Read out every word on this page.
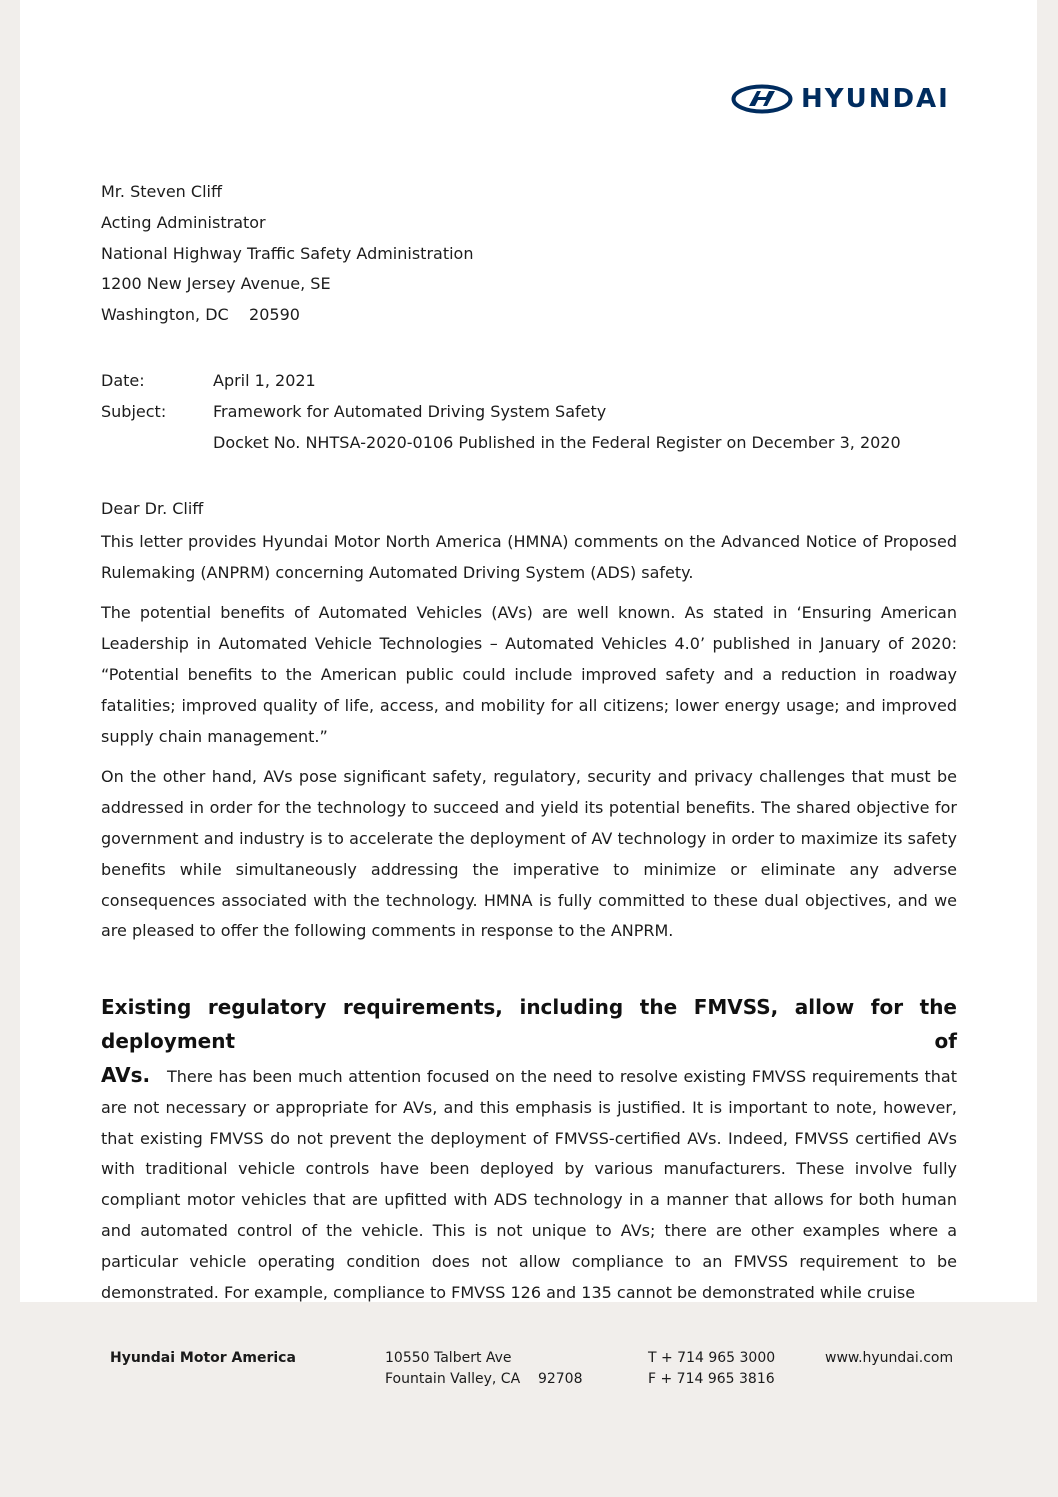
HYUNDAI
Mr. Steven Cliff
Acting Administrator
National Highway Traffic Safety Administration
1200 New Jersey Avenue, SE
Washington, DC    20590
Date:	April 1, 2021
Subject:	Framework for Automated Driving System Safety
Docket No. NHTSA-2020-0106 Published in the Federal Register on December 3, 2020

Dear Dr. Cliff

This letter provides Hyundai Motor North America (HMNA) comments on the Advanced Notice of Proposed Rulemaking (ANPRM) concerning Automated Driving System (ADS) safety.

The potential benefits of Automated Vehicles (AVs) are well known. As stated in ‘Ensuring American Leadership in Automated Vehicle Technologies – Automated Vehicles 4.0’ published in January of 2020: “Potential benefits to the American public could include improved safety and a reduction in roadway fatalities; improved quality of life, access, and mobility for all citizens; lower energy usage; and improved supply chain management.”

On the other hand, AVs pose significant safety, regulatory, security and privacy challenges that must be addressed in order for the technology to succeed and yield its potential benefits. The shared objective for government and industry is to accelerate the deployment of AV technology in order to maximize its safety benefits while simultaneously addressing the imperative to minimize or eliminate any adverse consequences associated with the technology. HMNA is fully committed to these dual objectives, and we are pleased to offer the following comments in response to the ANPRM.

Existing regulatory requirements, including the FMVSS, allow for the deployment of

AVs. There has been much attention focused on the need to resolve existing FMVSS requirements that are not necessary or appropriate for AVs, and this emphasis is justified. It is important to note, however, that existing FMVSS do not prevent the deployment of FMVSS-certified AVs. Indeed, FMVSS certified AVs with traditional vehicle controls have been deployed by various manufacturers. These involve fully compliant motor vehicles that are upfitted with ADS technology in a manner that allows for both human and automated control of the vehicle. This is not unique to AVs; there are other examples where a particular vehicle operating condition does not allow compliance to an FMVSS requirement to be demonstrated. For example, compliance to FMVSS 126 and 135 cannot be demonstrated while cruise

Hyundai Motor America	10550 Talbert Ave
Fountain Valley, CA    92708
T + 714 965 3000
F + 714 965 3816
www.hyundai.com
